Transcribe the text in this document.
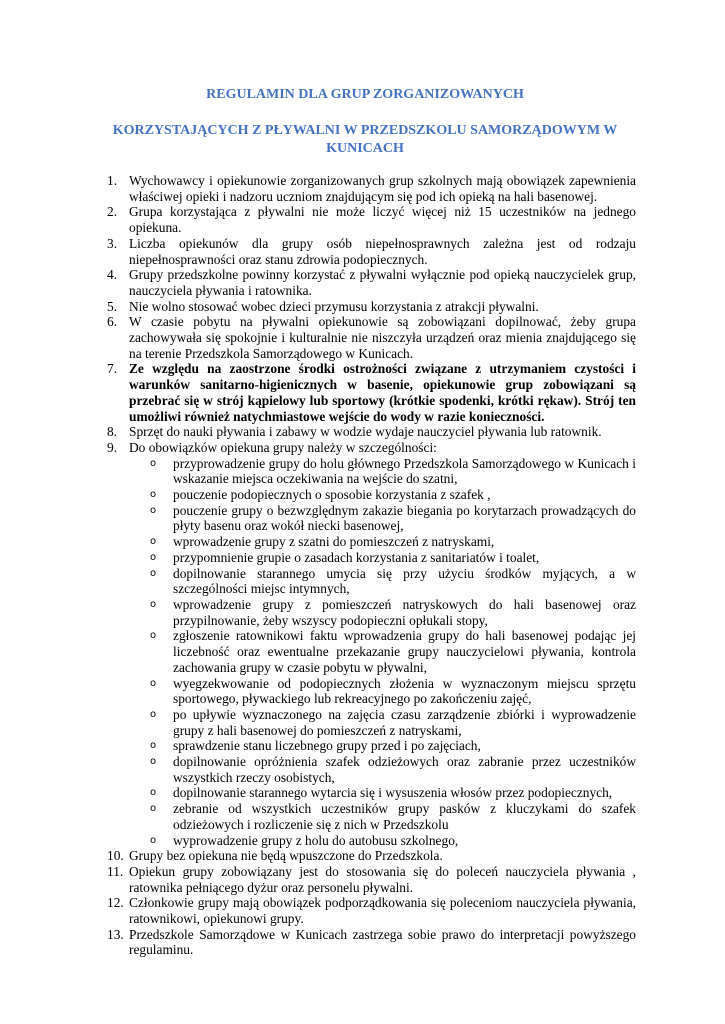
REGULAMIN DLA GRUP ZORGANIZOWANYCH
KORZYSTAJĄCYCH Z PŁYWALNI W PRZEDSZKOLU SAMORZĄDOWYM W KUNICACH
1. Wychowawcy i opiekunowie zorganizowanych grup szkolnych mają obowiązek zapewnienia właściwej opieki i nadzoru uczniom znajdującym się pod ich opieką na hali basenowej.
2. Grupa korzystająca z pływalni nie może liczyć więcej niż 15 uczestników na jednego opiekuna.
3. Liczba opiekunów dla grupy osób niepełnosprawnych zależna jest od rodzaju niepełnosprawności oraz stanu zdrowia podopiecznych.
4. Grupy przedszkolne powinny korzystać z pływalni wyłącznie pod opieką nauczycielek grup, nauczyciela pływania i ratownika.
5. Nie wolno stosować wobec dzieci przymusu korzystania z atrakcji pływalni.
6. W czasie pobytu na pływalni opiekunowie są zobowiązani dopilnować, żeby grupa zachowywała się spokojnie i kulturalnie nie niszczyła urządzeń oraz mienia znajdującego się na terenie Przedszkola Samorządowego w Kunicach.
7. Ze względu na zaostrzone środki ostrożności związane z utrzymaniem czystości i warunków sanitarno-higienicznych w basenie, opiekunowie grup zobowiązani są przebrać się w strój kąpielowy lub sportowy (krótkie spodenki, krótki rękaw). Strój ten umożliwi również natychmiastowe wejście do wody w razie konieczności.
8. Sprzęt do nauki pływania i zabawy w wodzie wydaje nauczyciel pływania lub ratownik.
9. Do obowiązków opiekuna grupy należy w szczególności:
o przyprowadzenie grupy do holu głównego Przedszkola Samorządowego w Kunicach i wskazanie miejsca oczekiwania na wejście do szatni,
o pouczenie podopiecznych o sposobie korzystania z szafek ,
o pouczenie grupy o bezwzględnym zakazie biegania po korytarzach prowadzących do płyty basenu oraz wokół niecki basenowej,
o wprowadzenie grupy z szatni do pomieszczeń z natryskami,
o przypomnienie grupie o zasadach korzystania z sanitariatów i toalet,
o dopilnowanie starannego umycia się przy użyciu środków myjących, a w szczególności miejsc intymnych,
o wprowadzenie grupy z pomieszczeń natryskowych do hali basenowej oraz przypilnowanie, żeby wszyscy podopieczni opłukali stopy,
o zgłoszenie ratownikowi faktu wprowadzenia grupy do hali basenowej podając jej liczebność oraz ewentualne przekazanie grupy nauczycielowi pływania, kontrola zachowania grupy w czasie pobytu w pływalni,
o wyegzekwowanie od podopiecznych złożenia w wyznaczonym miejscu sprzętu sportowego, pływackiego lub rekreacyjnego po zakończeniu zajęć,
o po upływie wyznaczonego na zajęcia czasu zarządzenie zbiórki i wyprowadzenie grupy z hali basenowej do pomieszczeń z natryskami,
o sprawdzenie stanu liczebnego grupy przed i po zajęciach,
o dopilnowanie opróżnienia szafek odzieżowych oraz zabranie przez uczestników wszystkich rzeczy osobistych,
o dopilnowanie starannego wytarcia się i wysuszenia włosów przez podopiecznych,
o zebranie od wszystkich uczestników grupy pasków z kluczykami do szafek odzieżowych i rozliczenie się z nich w Przedszkolu
o wyprowadzenie grupy z holu do autobusu szkolnego,
10. Grupy bez opiekuna nie będą wpuszczone do Przedszkola.
11. Opiekun grupy zobowiązany jest do stosowania się do poleceń nauczyciela pływania , ratownika pełniącego dyżur oraz personelu pływalni.
12. Członkowie grupy mają obowiązek podporządkowania się poleceniom nauczyciela pływania, ratownikowi, opiekunowi grupy.
13. Przedszkole Samorządowe w Kunicach zastrzega sobie prawo do interpretacji powyższego regulaminu.
